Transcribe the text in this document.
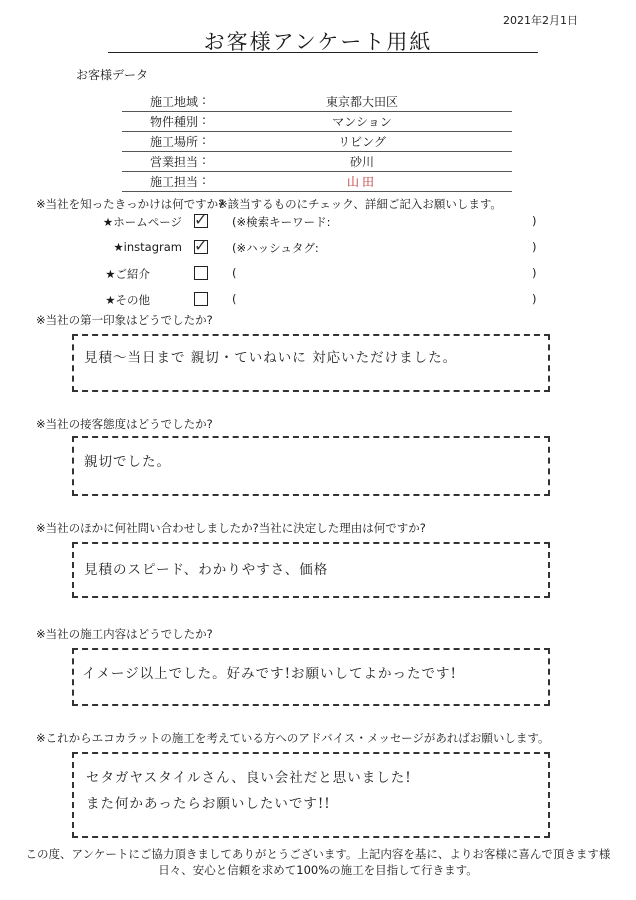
2021年2月1日
お客様アンケート用紙
お客様データ
施工地域 :	東京都大田区
物件種別 :	マンション
施工場所 :	リビング
営業担当 :	砂川
施工担当 :	山田
※当社を知ったきっかけは何ですか?
※該当するものにチェック、詳細ご記入お願いします。
★ホームページ ✓ (※検索キーワード:	)
★instagram ✓ (※ハッシュタグ:	)
★ご紹介	(	)
★その他	(	)
※当社の第一印象はどうでしたか?
見積～当日まで 親切・ていねいに 対応いただけました。
※当社の接客態度はどうでしたか?
親切でした。
※当社のほかに何社問い合わせしましたか?当社に決定した理由は何ですか?
見積のスピード、わかりやすさ、価格
※当社の施工内容はどうでしたか?
イメージ以上でした。好みです!お願いしてよかったです!
※これからエコカラットの施工を考えている方へのアドバイス・メッセージがあればお願いします。
セタガヤスタイルさん、良い会社だと思いました!
また何かあったらお願いしたいです!!
この度、アンケートにご協力頂きましてありがとうございます。上記内容を基に、よりお客様に喜んで頂きます様
日々、安心と信頼を求めて100%の施工を目指して行きます。
